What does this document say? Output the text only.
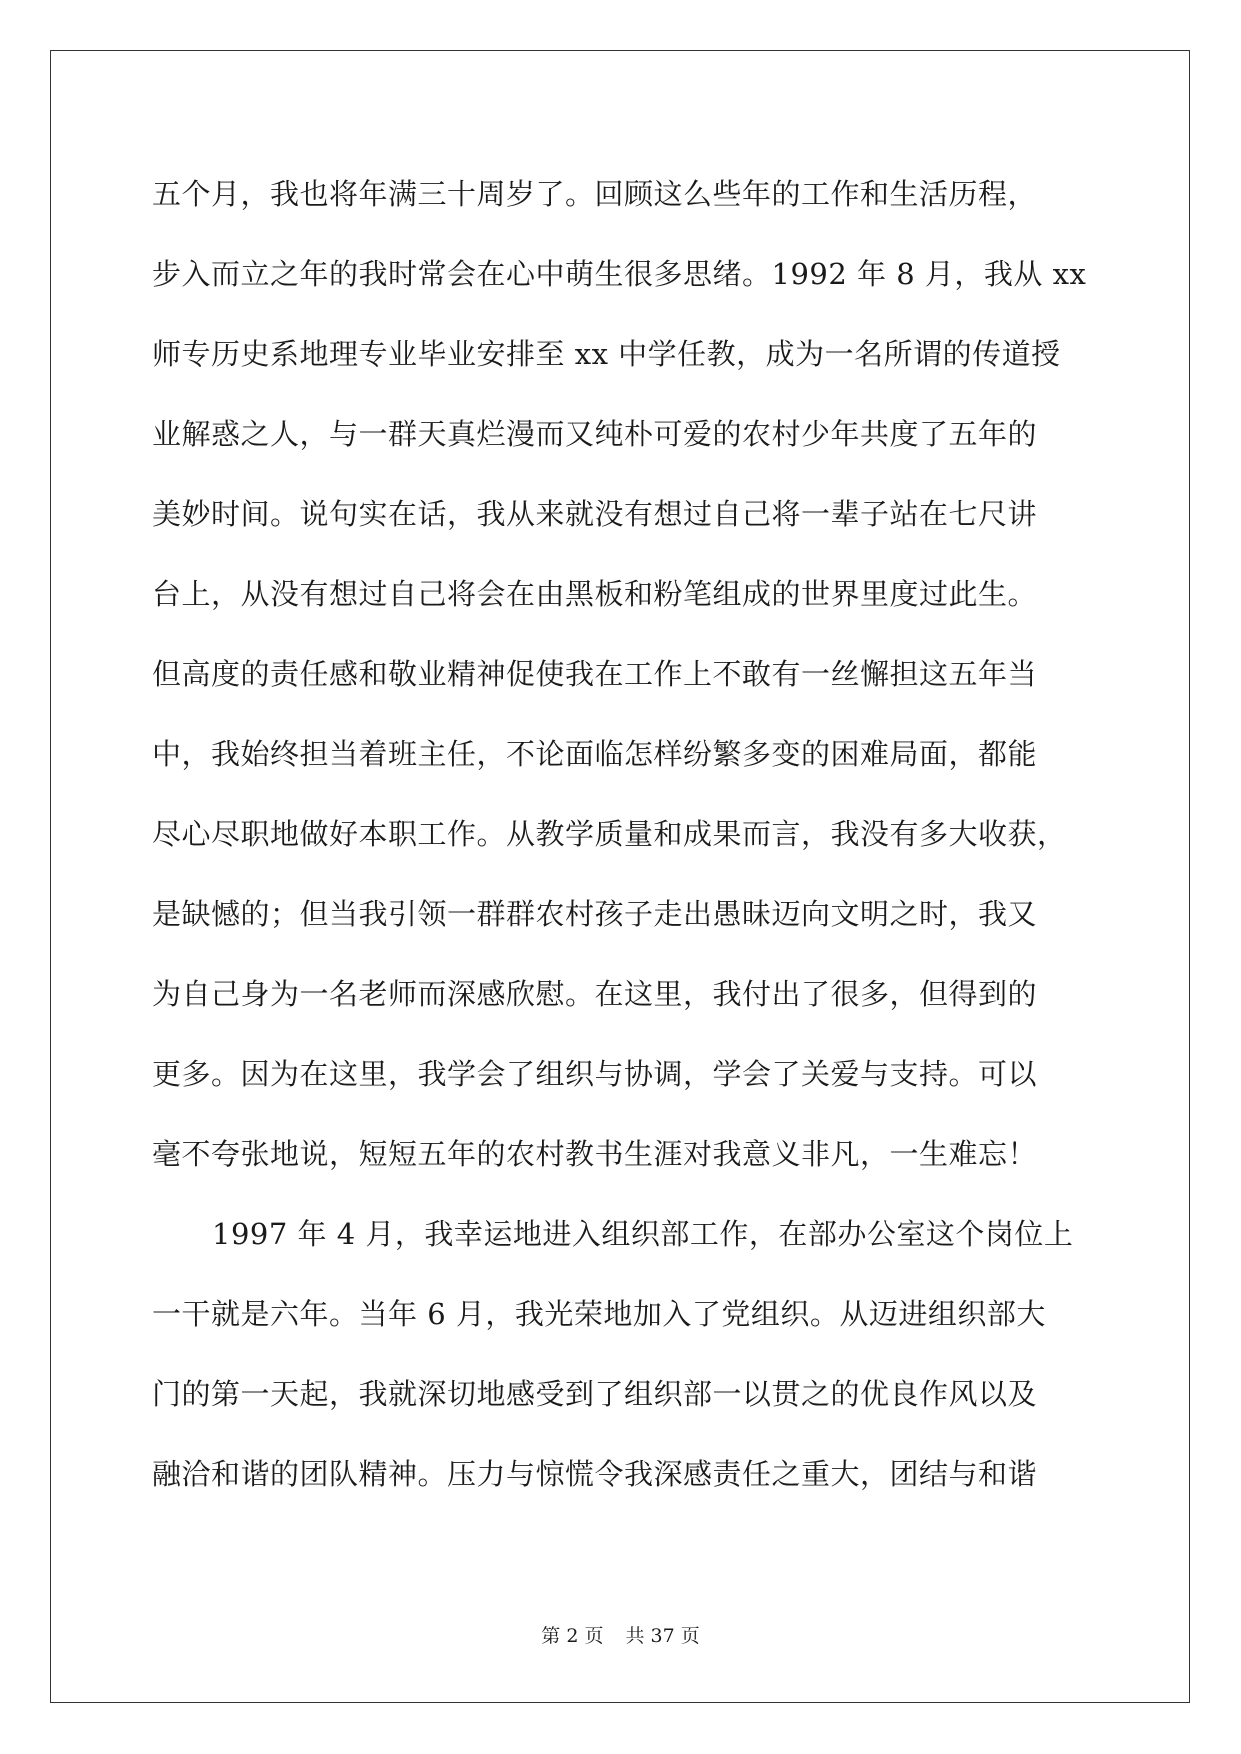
五个月，我也将年满三十周岁了。回顾这么些年的工作和生活历程，
步入而立之年的我时常会在心中萌生很多思绪。1992 年 8 月，我从 xx
师专历史系地理专业毕业安排至 xx 中学任教，成为一名所谓的传道授
业解惑之人，与一群天真烂漫而又纯朴可爱的农村少年共度了五年的
美妙时间。说句实在话，我从来就没有想过自己将一辈子站在七尺讲
台上，从没有想过自己将会在由黑板和粉笔组成的世界里度过此生。
但高度的责任感和敬业精神促使我在工作上不敢有一丝懈担这五年当
中，我始终担当着班主任，不论面临怎样纷繁多变的困难局面，都能
尽心尽职地做好本职工作。从教学质量和成果而言，我没有多大收获，
是缺憾的；但当我引领一群群农村孩子走出愚昧迈向文明之时，我又
为自己身为一名老师而深感欣慰。在这里，我付出了很多，但得到的
更多。因为在这里，我学会了组织与协调，学会了关爱与支持。可以
毫不夸张地说，短短五年的农村教书生涯对我意义非凡，一生难忘！
1997 年 4 月，我幸运地进入组织部工作，在部办公室这个岗位上
一干就是六年。当年 6 月，我光荣地加入了党组织。从迈进组织部大
门的第一天起，我就深切地感受到了组织部一以贯之的优良作风以及
融洽和谐的团队精神。压力与惊慌令我深感责任之重大，团结与和谐
第 2 页 共 37 页
